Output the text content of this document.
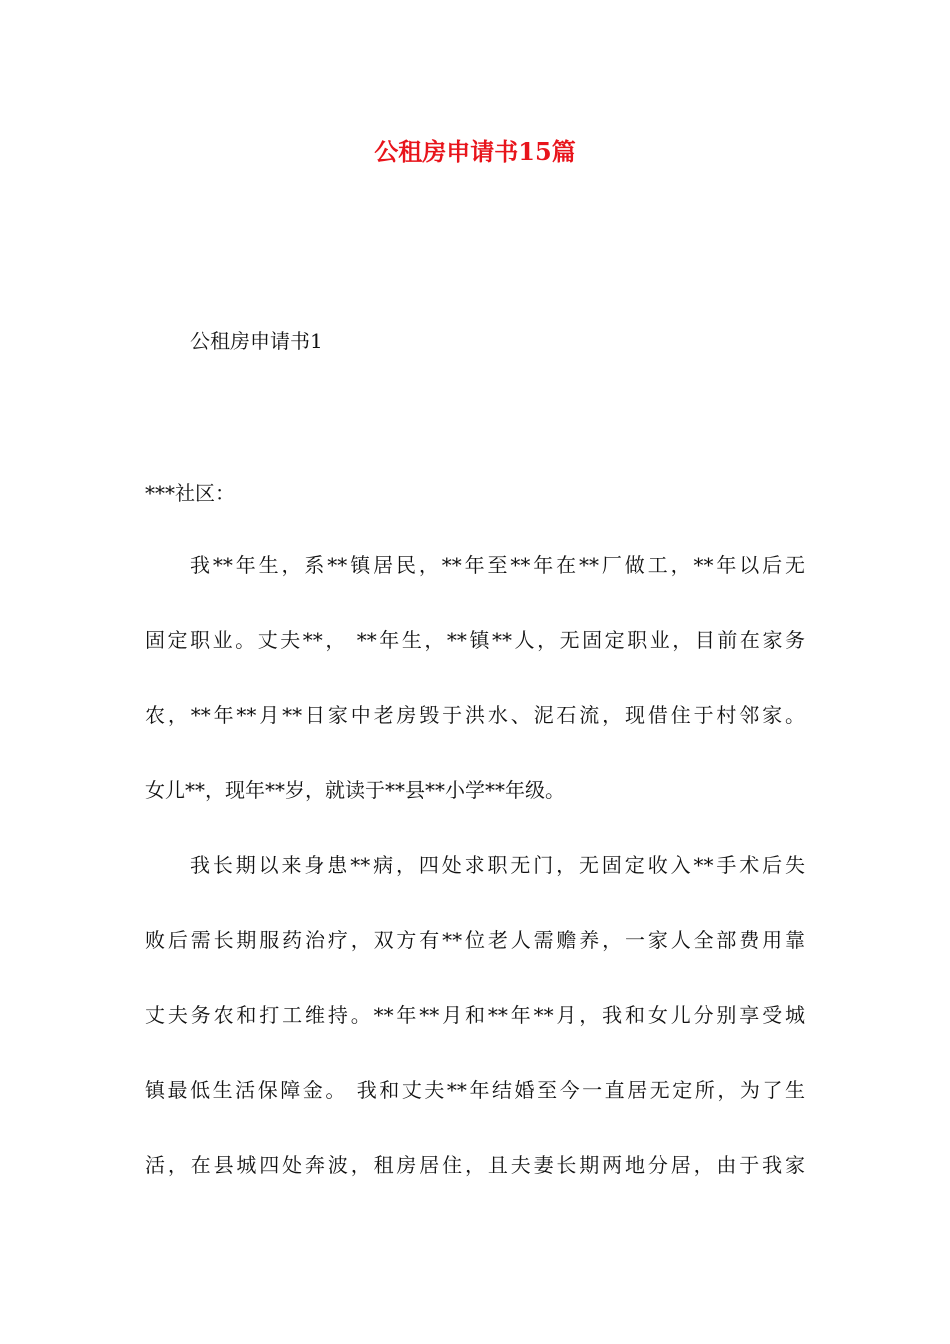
公租房申请书15篇
公租房申请书1
***社区：
我**年生，系**镇居民，**年至**年在**厂做工，**年以后无
固定职业。丈夫**， **年生，**镇**人，无固定职业，目前在家务
农，**年**月**日家中老房毁于洪水、泥石流，现借住于村邻家。
女儿**，现年**岁，就读于**县**小学**年级。
我长期以来身患**病，四处求职无门，无固定收入**手术后失
败后需长期服药治疗，双方有**位老人需赡养，一家人全部费用靠
丈夫务农和打工维持。**年**月和**年**月，我和女儿分别享受城
镇最低生活保障金。 我和丈夫**年结婚至今一直居无定所，为了生
活，在县城四处奔波，租房居住，且夫妻长期两地分居，由于我家
